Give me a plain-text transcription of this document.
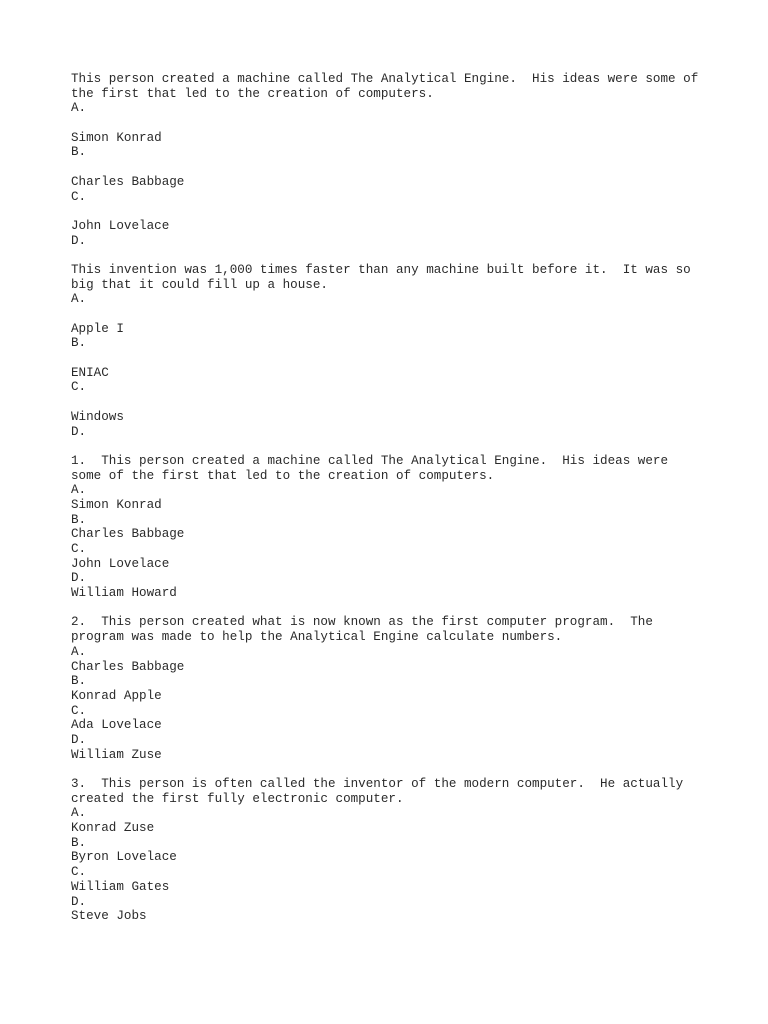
This person created a machine called The Analytical Engine.  His ideas were some of
the first that led to the creation of computers.
A.
Simon Konrad
B.
Charles Babbage
C.
John Lovelace
D.
This invention was 1,000 times faster than any machine built before it.  It was so
big that it could fill up a house.
A.
Apple I
B.
ENIAC
C.
Windows
D.
1.  This person created a machine called The Analytical Engine.  His ideas were
some of the first that led to the creation of computers.
A.
Simon Konrad
B.
Charles Babbage
C.
John Lovelace
D.
William Howard
2.  This person created what is now known as the first computer program.  The
program was made to help the Analytical Engine calculate numbers.
A.
Charles Babbage
B.
Konrad Apple
C.
Ada Lovelace
D.
William Zuse
3.  This person is often called the inventor of the modern computer.  He actually
created the first fully electronic computer.
A.
Konrad Zuse
B.
Byron Lovelace
C.
William Gates
D.
Steve Jobs
